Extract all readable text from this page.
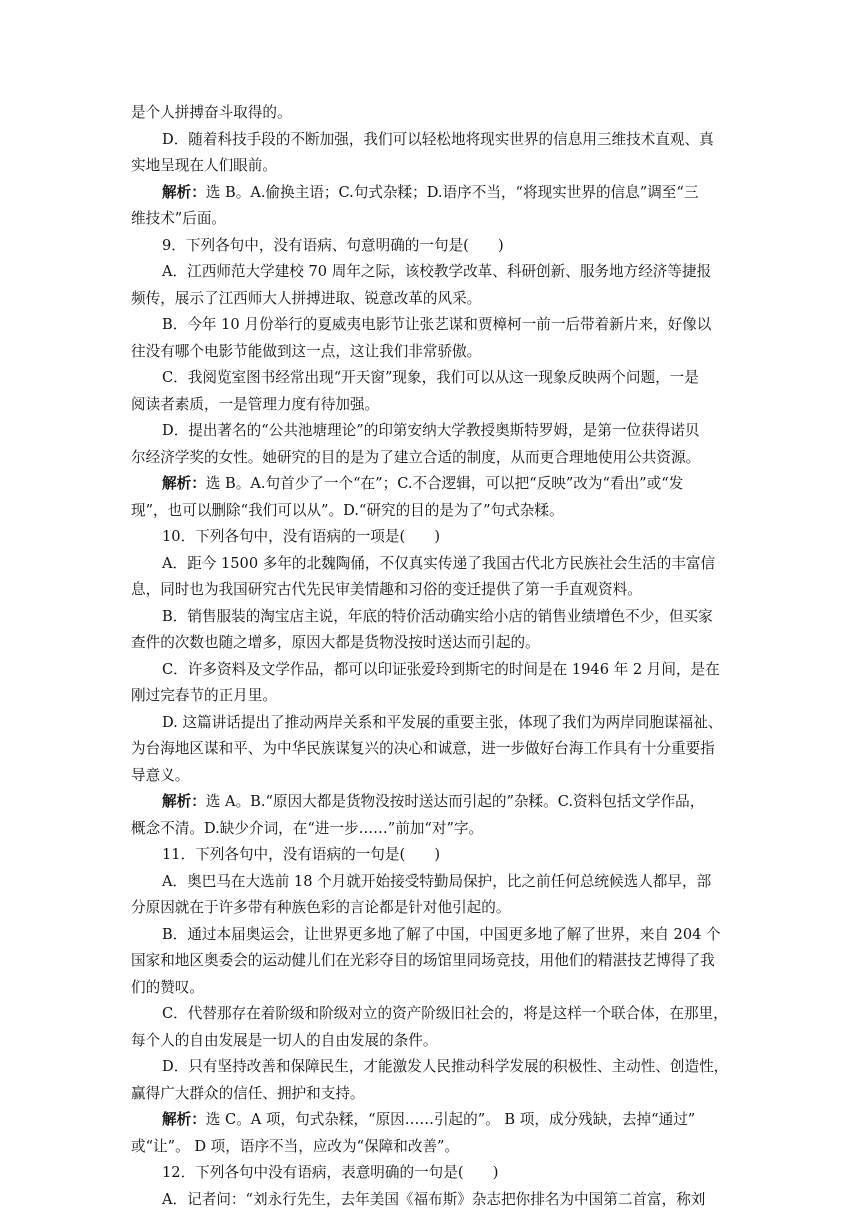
是个人拼搏奋斗取得的。
D．随着科技手段的不断加强，我们可以轻松地将现实世界的信息用三维技术直观、真
实地呈现在人们眼前。
解析：选 B。A.偷换主语；C.句式杂糅；D.语序不当，“将现实世界的信息”调至“三
维技术”后面。
9．下列各句中，没有语病、句意明确的一句是(　　)
A．江西师范大学建校 70 周年之际，该校教学改革、科研创新、服务地方经济等捷报
频传，展示了江西师大人拼搏进取、锐意改革的风采。
B．今年 10 月份举行的夏威夷电影节让张艺谋和贾樟柯一前一后带着新片来，好像以
往没有哪个电影节能做到这一点，这让我们非常骄傲。
C．我阅览室图书经常出现“开天窗”现象，我们可以从这一现象反映两个问题，一是
阅读者素质，一是管理力度有待加强。
D．提出著名的“公共池塘理论”的印第安纳大学教授奥斯特罗姆，是第一位获得诺贝
尔经济学奖的女性。她研究的目的是为了建立合适的制度，从而更合理地使用公共资源。
解析：选 B。A.句首少了一个“在”；C.不合逻辑，可以把“反映”改为“看出”或“发
现”，也可以删除“我们可以从”。D.“研究的目的是为了”句式杂糅。
10．下列各句中，没有语病的一项是(　　)
A．距今 1500 多年的北魏陶俑，不仅真实传递了我国古代北方民族社会生活的丰富信
息，同时也为我国研究古代先民审美情趣和习俗的变迁提供了第一手直观资料。
B．销售服装的淘宝店主说，年底的特价活动确实给小店的销售业绩增色不少，但买家
查件的次数也随之增多，原因大都是货物没按时送达而引起的。
C．许多资料及文学作品，都可以印证张爱玲到斯宅的时间是在 1946 年 2 月间，是在
刚过完春节的正月里。
D. 这篇讲话提出了推动两岸关系和平发展的重要主张，体现了我们为两岸同胞谋福祉、
为台海地区谋和平、为中华民族谋复兴的决心和诚意，进一步做好台海工作具有十分重要指
导意义。
解析：选 A。B.“原因大都是货物没按时送达而引起的”杂糅。C.资料包括文学作品，
概念不清。D.缺少介词，在“进一步……”前加“对”字。
11．下列各句中，没有语病的一句是(　　)
A．奥巴马在大选前 18 个月就开始接受特勤局保护，比之前任何总统候选人都早，部
分原因就在于许多带有种族色彩的言论都是针对他引起的。
B．通过本届奥运会，让世界更多地了解了中国，中国更多地了解了世界，来自 204 个
国家和地区奥委会的运动健儿们在光彩夺目的场馆里同场竞技，用他们的精湛技艺博得了我
们的赞叹。
C．代替那存在着阶级和阶级对立的资产阶级旧社会的，将是这样一个联合体，在那里，
每个人的自由发展是一切人的自由发展的条件。
D．只有坚持改善和保障民生，才能激发人民推动科学发展的积极性、主动性、创造性，
赢得广大群众的信任、拥护和支持。
解析：选 C。A 项，句式杂糅，“原因……引起的”。 B 项，成分残缺，去掉“通过”
或“让”。 D 项，语序不当，应改为“保障和改善”。
12．下列各句中没有语病，表意明确的一句是(　　)
A．记者问：“刘永行先生，去年美国《福布斯》杂志把你排名为中国第二首富，称刘
